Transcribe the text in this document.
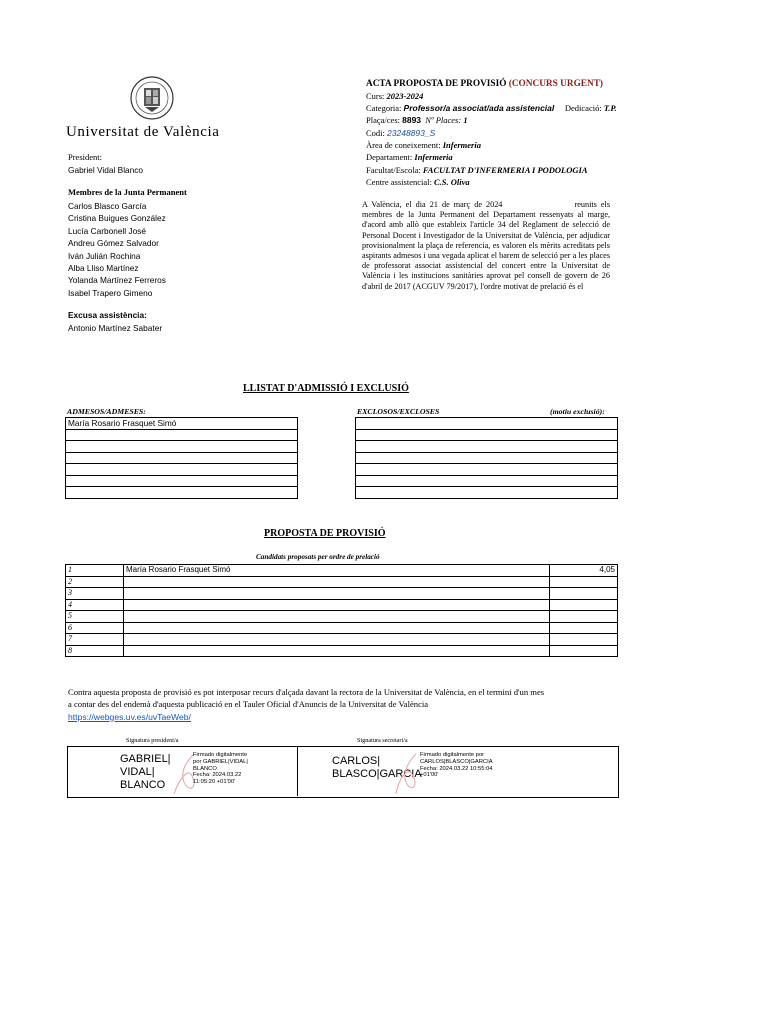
Universitat de València
ACTA PROPOSTA DE PROVISIÓ (CONCURS URGENT)
Curs: 2023-2024
Categoria: Professor/a associat/ada assistencial Dedicació: T.P.
Plaça/ces: 8893 Nº Places: 1
Codi: 23248893_S
Àrea de coneixement: Infermeria
Departament: Infermeria
Facultat/Escola: FACULTAT D'INFERMERIA I PODOLOGIA
Centre assistencial: C.S. Oliva
President:
Gabriel Vidal Blanco
Membres de la Junta Permanent
Carlos Blasco García
Cristina Buigues González
Lucía Carbonell José
Andreu Gómez Salvador
Iván Julián Rochina
Alba Lliso Martínez
Yolanda Martínez Ferreros
Isabel Trapero Gimeno
Excusa assistència:
Antonio Martínez Sabater
A València, el dia 21 de març de 2024	reunits els membres de la Junta Permanent del Departament ressenyats al marge, d'acord amb allò que estableix l'article 34 del Reglament de selecció de Personal Docent i Investigador de la Universitat de València, per adjudicar provisionalment la plaça de referencia, es valoren els mèrits acreditats pels aspirants admesos i una vegada aplicat el barem de selecció per a les places de professorat associat assistencial del concert entre la Universitat de València i les institucions sanitàries aprovat pel consell de govern de 26 d'abril de 2017 (ACGUV 79/2017), l'ordre motivat de prelació és el
LLISTAT D'ADMISSIÓ I EXCLUSIÓ
ADMESOS/ADMESES:	EXCLOSOS/EXCLOSES	(motiu exclusió):
María Rosario Frasquet Simó

PROPOSTA DE PROVISIÓ
Candidats proposats per ordre de prelació
1	María Rosario Frasquet Simó	4,05
2		
3		
4		
5		
6		
7		
8		
Contra aquesta proposta de provisió es pot interposar recurs d'alçada davant la rectora de la Universitat de València, en el termini d'un mes a contar des del endemà d'aquesta publicació en el Tauler Oficial d'Anuncis de la Universitat de València
https://webges.uv.es/uvTaeWeb/
Signatura president/a	Signatura secretari/a
GABRIEL|
VIDAL|
BLANCO
Firmado digitalmente
por GABRIEL|VIDAL|
BLANCO
Fecha: 2024.03.22
11:05:20 +01'00'
CARLOS|
BLASCO|GARCIA
Firmado digitalmente por
CARLOS|BLASCO|GARCIA
Fecha: 2024.03.22 10:55:04
+01'00'
